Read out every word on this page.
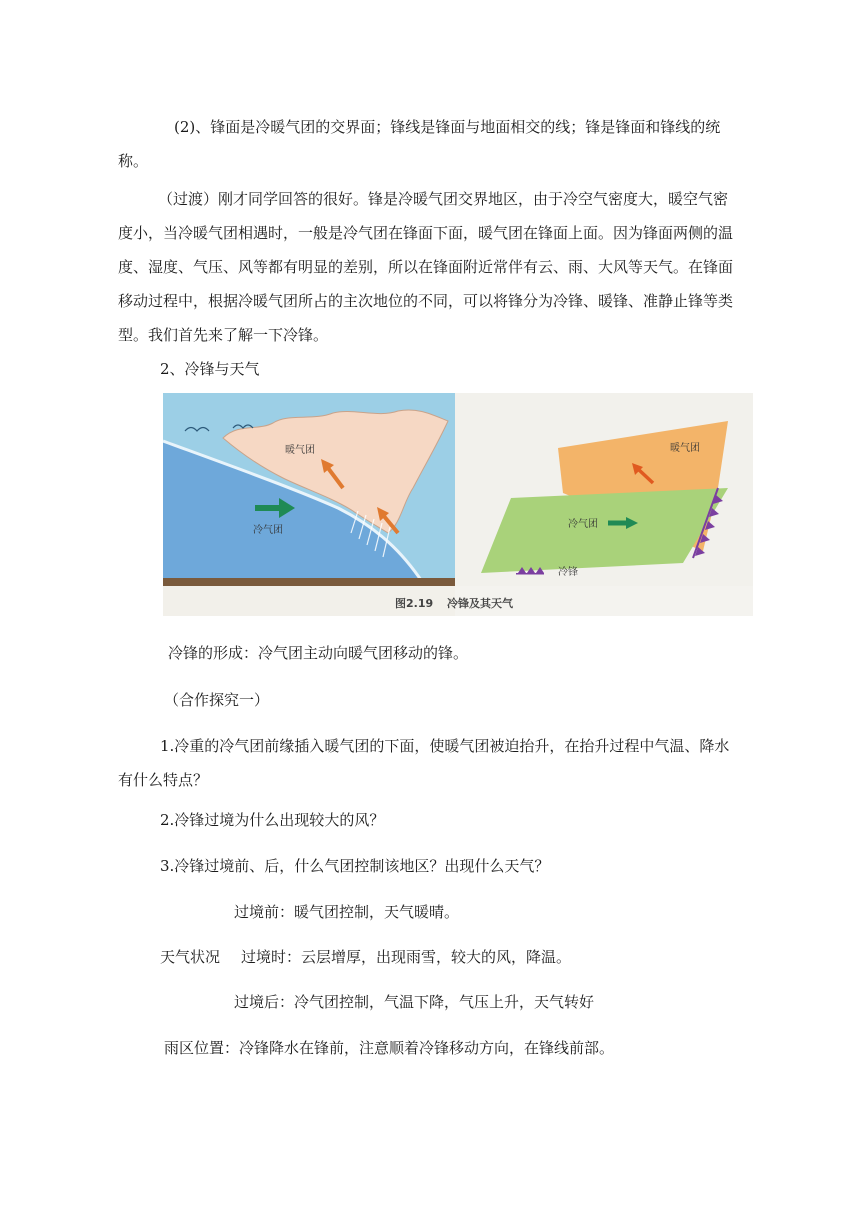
(2)、锋面是冷暖气团的交界面；锋线是锋面与地面相交的线；锋是锋面和锋线的统称。

（过渡）刚才同学回答的很好。锋是冷暖气团交界地区，由于冷空气密度大，暖空气密度小，当冷暖气团相遇时，一般是冷气团在锋面下面，暖气团在锋面上面。因为锋面两侧的温度、湿度、气压、风等都有明显的差别，所以在锋面附近常伴有云、雨、大风等天气。在锋面移动过程中，根据冷暖气团所占的主次地位的不同，可以将锋分为冷锋、暖锋、准静止锋等类型。我们首先来了解一下冷锋。

2、冷锋与天气

暖气团
冷气团
暖气团
冷气团
冷锋
图2.19 冷锋及其天气

冷锋的形成：冷气团主动向暖气团移动的锋。

（合作探究一）

1.冷重的冷气团前缘插入暖气团的下面，使暖气团被迫抬升，在抬升过程中气温、降水有什么特点？

2.冷锋过境为什么出现较大的风？

3.冷锋过境前、后，什么气团控制该地区？出现什么天气？

过境前：暖气团控制，天气暖晴。

天气状况	过境时：云层增厚，出现雨雪，较大的风，降温。

过境后：冷气团控制，气温下降，气压上升，天气转好

雨区位置：冷锋降水在锋前，注意顺着冷锋移动方向，在锋线前部。
